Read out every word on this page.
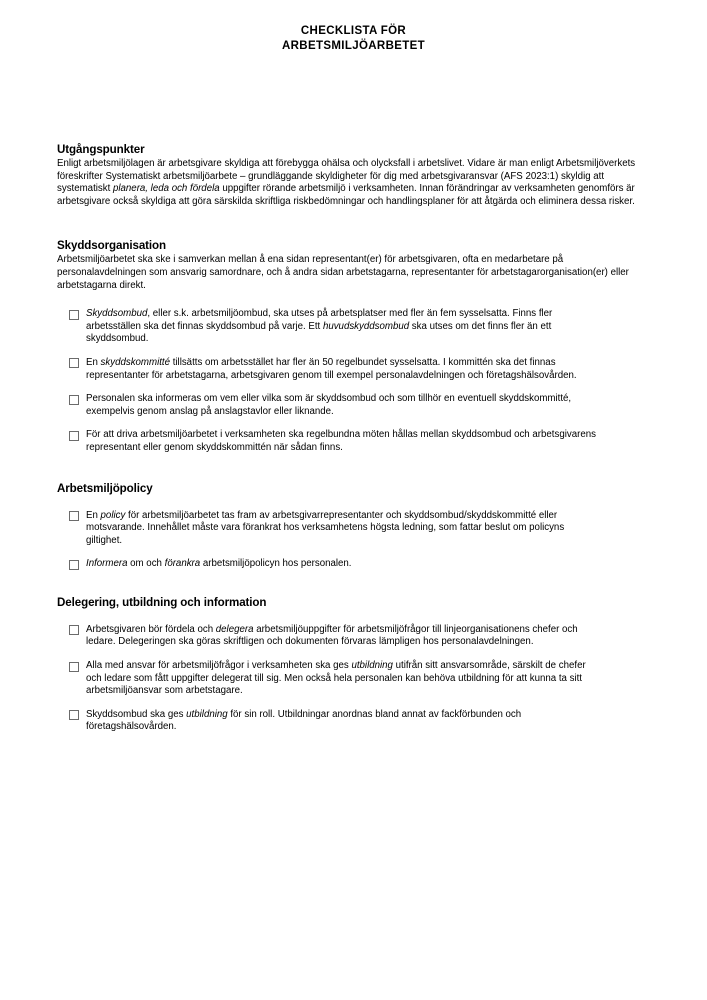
CHECKLISTA FÖR
ARBETSMILJÖARBETET
Utgångspunkter

Enligt arbetsmiljölagen är arbetsgivare skyldiga att förebygga ohälsa och olycksfall i arbetslivet. Vidare är man enligt Arbetsmiljöverkets föreskrifter Systematiskt arbetsmiljöarbete – grundläggande skyldigheter för dig med arbetsgivaransvar (AFS 2023:1) skyldig att systematiskt planera, leda och fördela uppgifter rörande arbetsmiljö i verksamheten. Innan förändringar av verksamheten genomförs är arbetsgivare också skyldiga att göra särskilda skriftliga riskbedömningar och handlingsplaner för att åtgärda och eliminera dessa risker.

Skyddsorganisation

Arbetsmiljöarbetet ska ske i samverkan mellan å ena sidan representant(er) för arbetsgivaren, ofta en medarbetare på personalavdelningen som ansvarig samordnare, och å andra sidan arbetstagarna, representanter för arbetstagarorganisation(er) eller arbetstagarna direkt.

Skyddsombud, eller s.k. arbetsmiljöombud, ska utses på arbetsplatser med fler än fem sysselsatta. Finns fler arbetsställen ska det finnas skyddsombud på varje. Ett huvudskyddsombud ska utses om det finns fler än ett skyddsombud.
En skyddskommitté tillsätts om arbetsstället har fler än 50 regelbundet sysselsatta. I kommittén ska det finnas representanter för arbetstagarna, arbetsgivaren genom till exempel personalavdelningen och företagshälsovården.
Personalen ska informeras om vem eller vilka som är skyddsombud och som tillhör en eventuell skyddskommitté, exempelvis genom anslag på anslagstavlor eller liknande.
För att driva arbetsmiljöarbetet i verksamheten ska regelbundna möten hållas mellan skyddsombud och arbetsgivarens representant eller genom skyddskommittén när sådan finns.
Arbetsmiljöpolicy
En policy för arbetsmiljöarbetet tas fram av arbetsgivarrepresentanter och skyddsombud/skyddskommitté eller motsvarande. Innehållet måste vara förankrat hos verksamhetens högsta ledning, som fattar beslut om policyns giltighet.
Informera om och förankra arbetsmiljöpolicyn hos personalen.
Delegering, utbildning och information
Arbetsgivaren bör fördela och delegera arbetsmiljöuppgifter för arbetsmiljöfrågor till linjeorganisationens chefer och ledare. Delegeringen ska göras skriftligen och dokumenten förvaras lämpligen hos personalavdelningen.
Alla med ansvar för arbetsmiljöfrågor i verksamheten ska ges utbildning utifrån sitt ansvarsområde, särskilt de chefer och ledare som fått uppgifter delegerat till sig. Men också hela personalen kan behöva utbildning för att kunna ta sitt arbetsmiljöansvar som arbetstagare.
Skyddsombud ska ges utbildning för sin roll. Utbildningar anordnas bland annat av fackförbunden och företagshälsovården.
